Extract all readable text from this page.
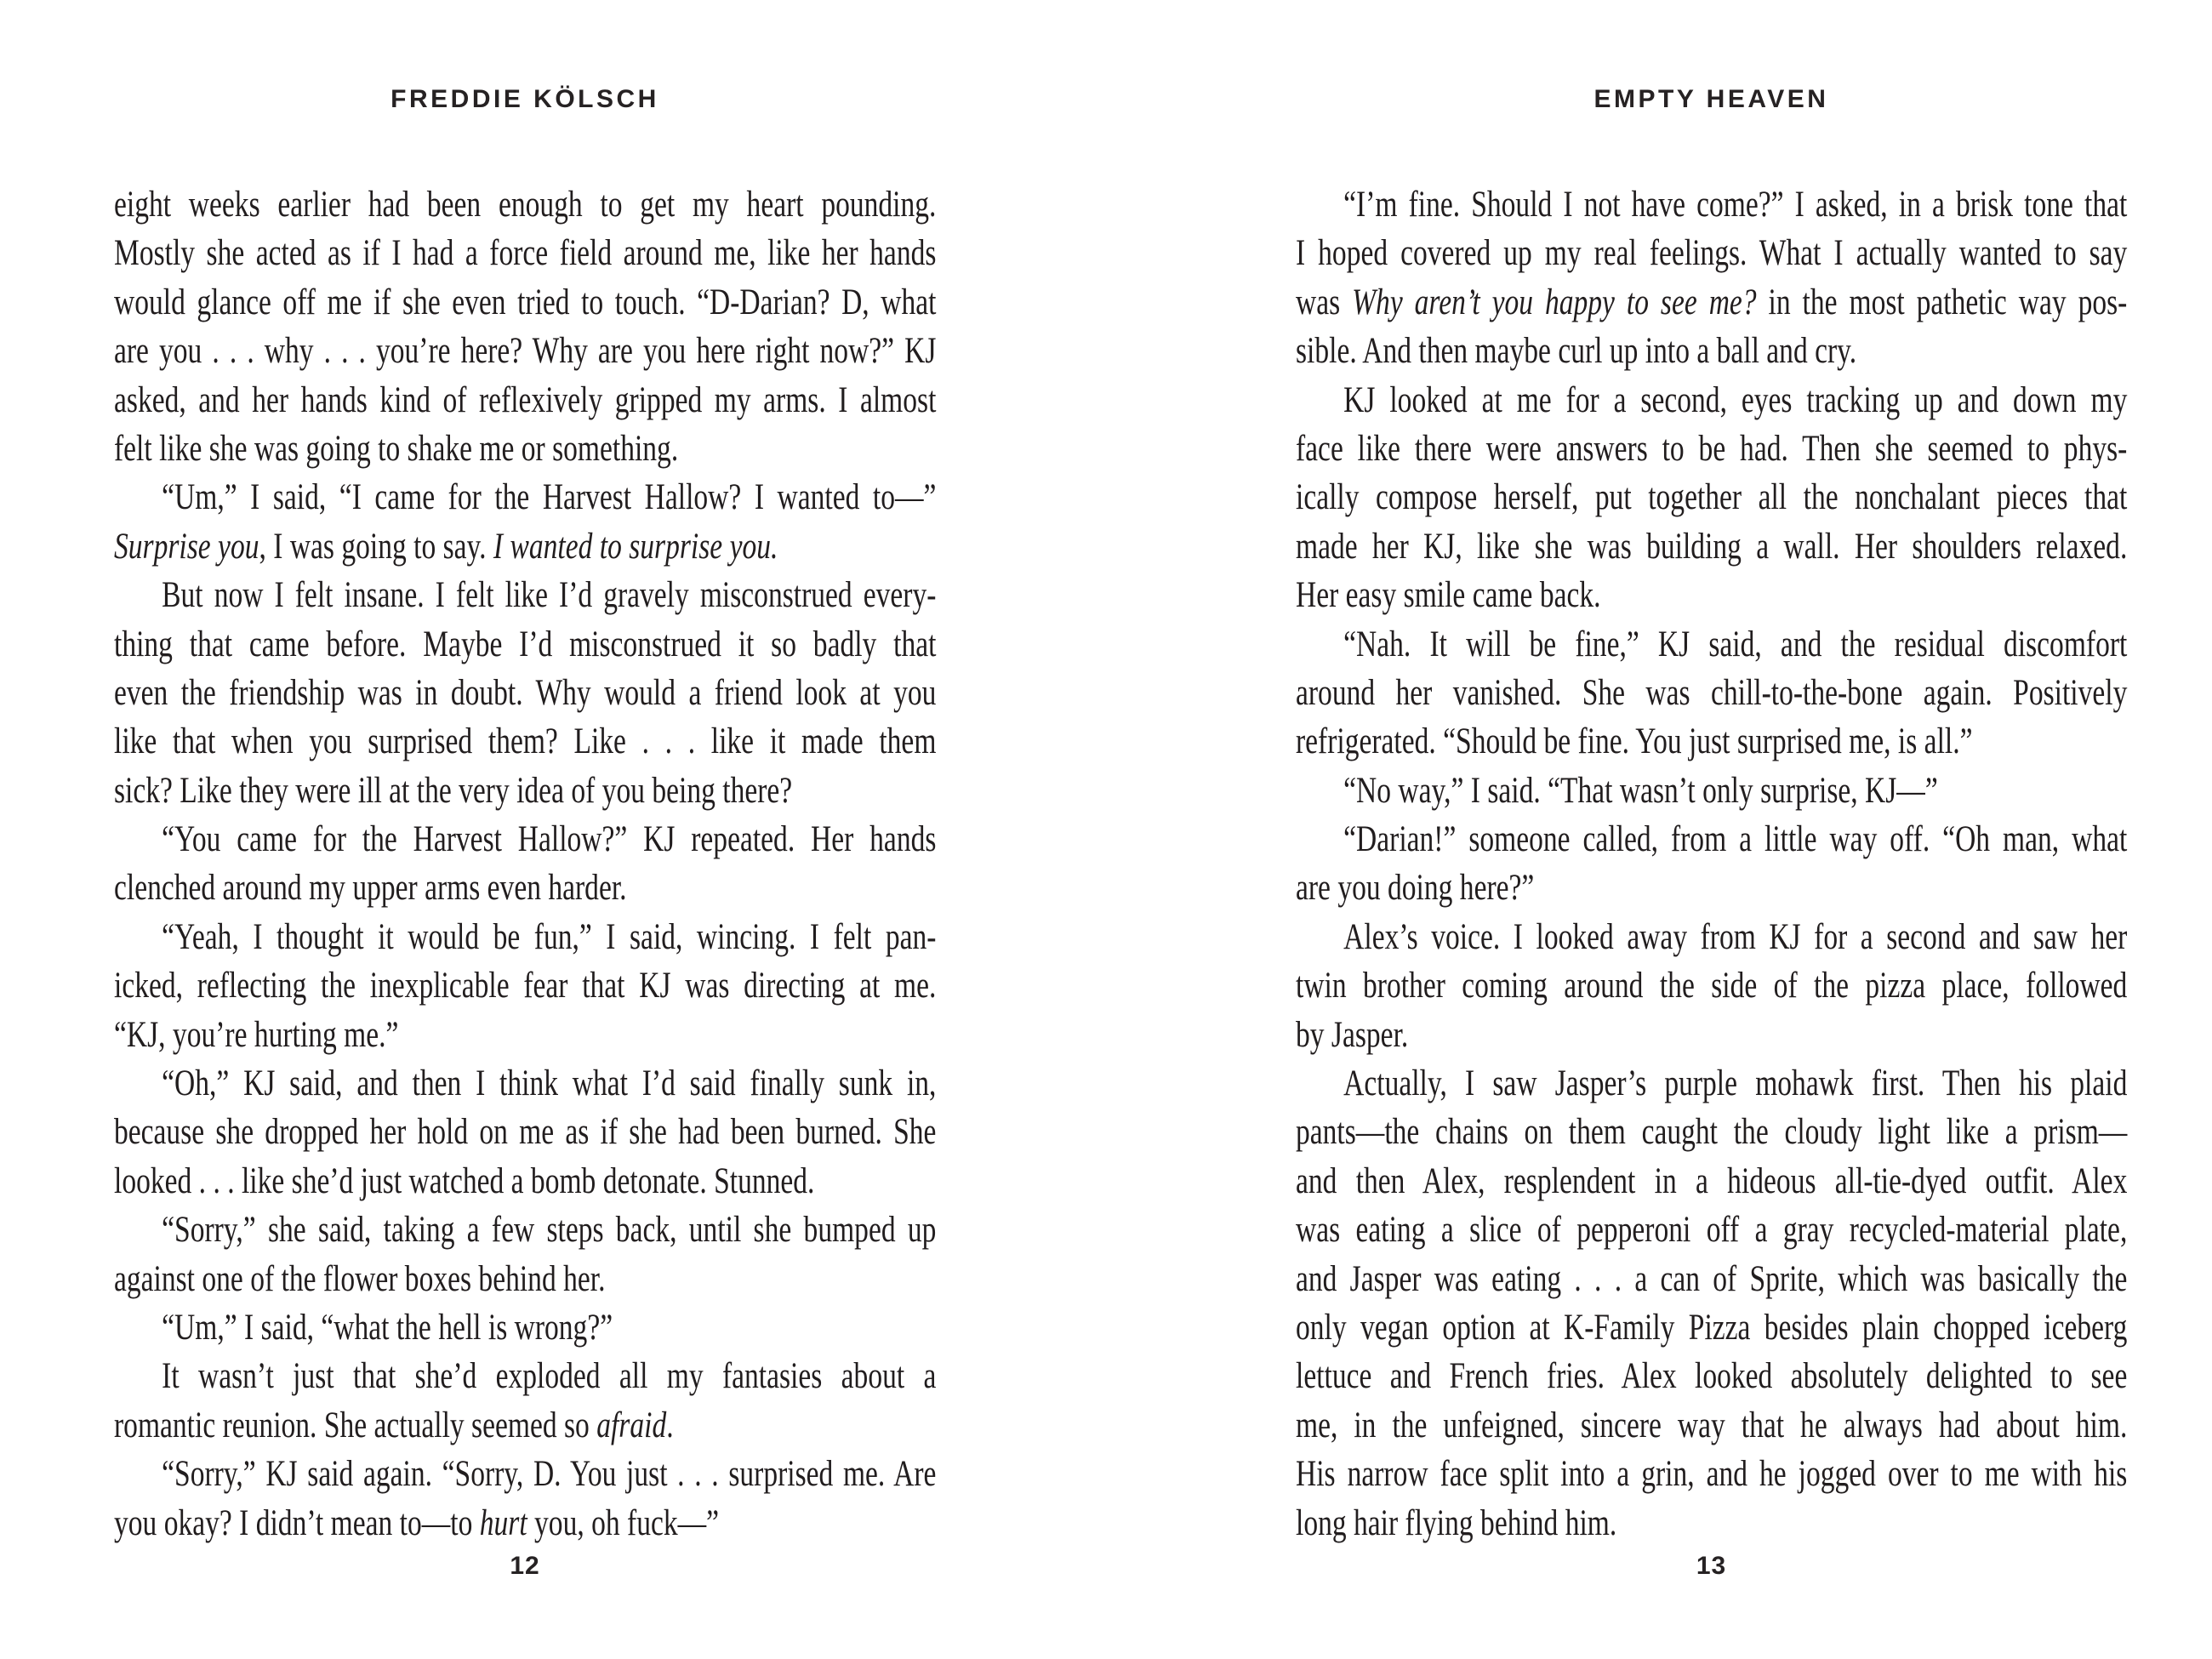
FREDDIE KÖLSCH	EMPTY HEAVEN
eight weeks earlier had been enough to get my heart pounding.
Mostly she acted as if I had a force field around me, like her hands
would glance off me if she even tried to touch. “D-Darian? D, what
are you . . . why . . . you’re here? Why are you here right now?” KJ
asked, and her hands kind of reflexively gripped my arms. I almost
felt like she was going to shake me or something.
“Um,” I said, “I came for the Harvest Hallow? I wanted to—”
Surprise you, I was going to say. I wanted to surprise you.
But now I felt insane. I felt like I’d gravely misconstrued every-
thing that came before. Maybe I’d misconstrued it so badly that
even the friendship was in doubt. Why would a friend look at you
like that when you surprised them? Like . . . like it made them
sick? Like they were ill at the very idea of you being there?
“You came for the Harvest Hallow?” KJ repeated. Her hands
clenched around my upper arms even harder.
“Yeah, I thought it would be fun,” I said, wincing. I felt pan-
icked, reflecting the inexplicable fear that KJ was directing at me.
“KJ, you’re hurting me.”
“Oh,” KJ said, and then I think what I’d said finally sunk in,
because she dropped her hold on me as if she had been burned. She
looked . . . like she’d just watched a bomb detonate. Stunned.
“Sorry,” she said, taking a few steps back, until she bumped up
against one of the flower boxes behind her.
“Um,” I said, “what the hell is wrong?”
It wasn’t just that she’d exploded all my fantasies about a
romantic reunion. She actually seemed so afraid.
“Sorry,” KJ said again. “Sorry, D. You just . . . surprised me. Are
you okay? I didn’t mean to—to hurt you, oh fuck—”
“I’m fine. Should I not have come?” I asked, in a brisk tone that
I hoped covered up my real feelings. What I actually wanted to say
was Why aren’t you happy to see me? in the most pathetic way pos-
sible. And then maybe curl up into a ball and cry.
KJ looked at me for a second, eyes tracking up and down my
face like there were answers to be had. Then she seemed to phys-
ically compose herself, put together all the nonchalant pieces that
made her KJ, like she was building a wall. Her shoulders relaxed.
Her easy smile came back.
“Nah. It will be fine,” KJ said, and the residual discomfort
around her vanished. She was chill-to-the-bone again. Positively
refrigerated. “Should be fine. You just surprised me, is all.”
“No way,” I said. “That wasn’t only surprise, KJ—”
“Darian!” someone called, from a little way off. “Oh man, what
are you doing here?”
Alex’s voice. I looked away from KJ for a second and saw her
twin brother coming around the side of the pizza place, followed
by Jasper.
Actually, I saw Jasper’s purple mohawk first. Then his plaid
pants—the chains on them caught the cloudy light like a prism—
and then Alex, resplendent in a hideous all-tie-dyed outfit. Alex
was eating a slice of pepperoni off a gray recycled-material plate,
and Jasper was eating . . . a can of Sprite, which was basically the
only vegan option at K-Family Pizza besides plain chopped iceberg
lettuce and French fries. Alex looked absolutely delighted to see
me, in the unfeigned, sincere way that he always had about him.
His narrow face split into a grin, and he jogged over to me with his
long hair flying behind him.
12	13
